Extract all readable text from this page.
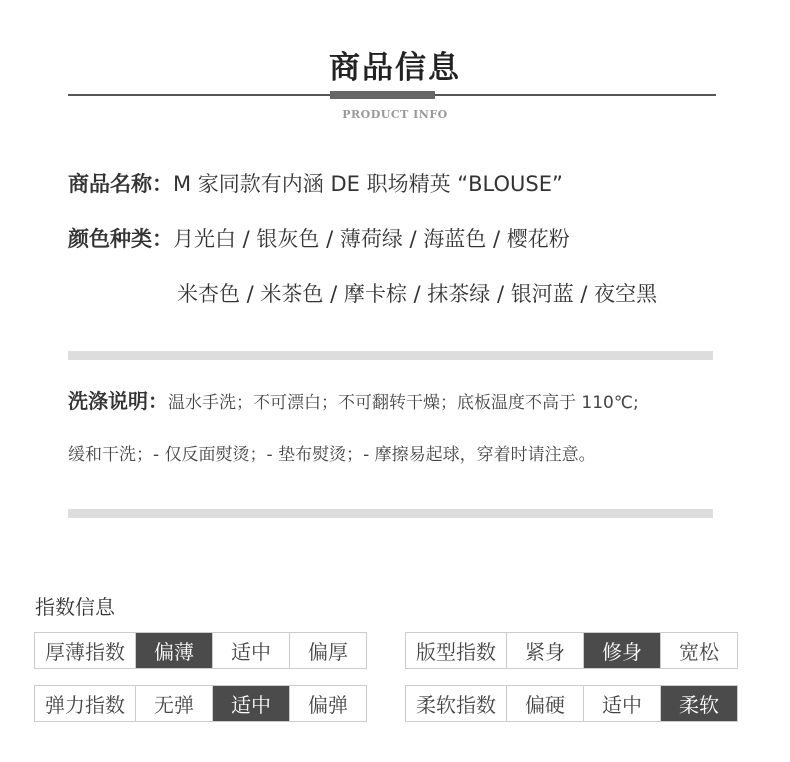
商品信息
PRODUCT INFO
商品名称：M 家同款有内涵 DE 职场精英 “BLOUSE”
颜色种类：月光白 / 银灰色 / 薄荷绿 / 海蓝色 / 樱花粉
米杏色 / 米茶色 / 摩卡棕 / 抹茶绿 / 银河蓝 / 夜空黑
洗涤说明：温水手洗；不可漂白；不可翻转干燥；底板温度不高于 110℃;
缓和干洗；- 仅反面熨烫；- 垫布熨烫；- 摩擦易起球，穿着时请注意。
指数信息
厚薄指数	偏薄	适中	偏厚	版型指数	紧身	修身	宽松
弹力指数	无弹	适中	偏弹	柔软指数	偏硬	适中	柔软
